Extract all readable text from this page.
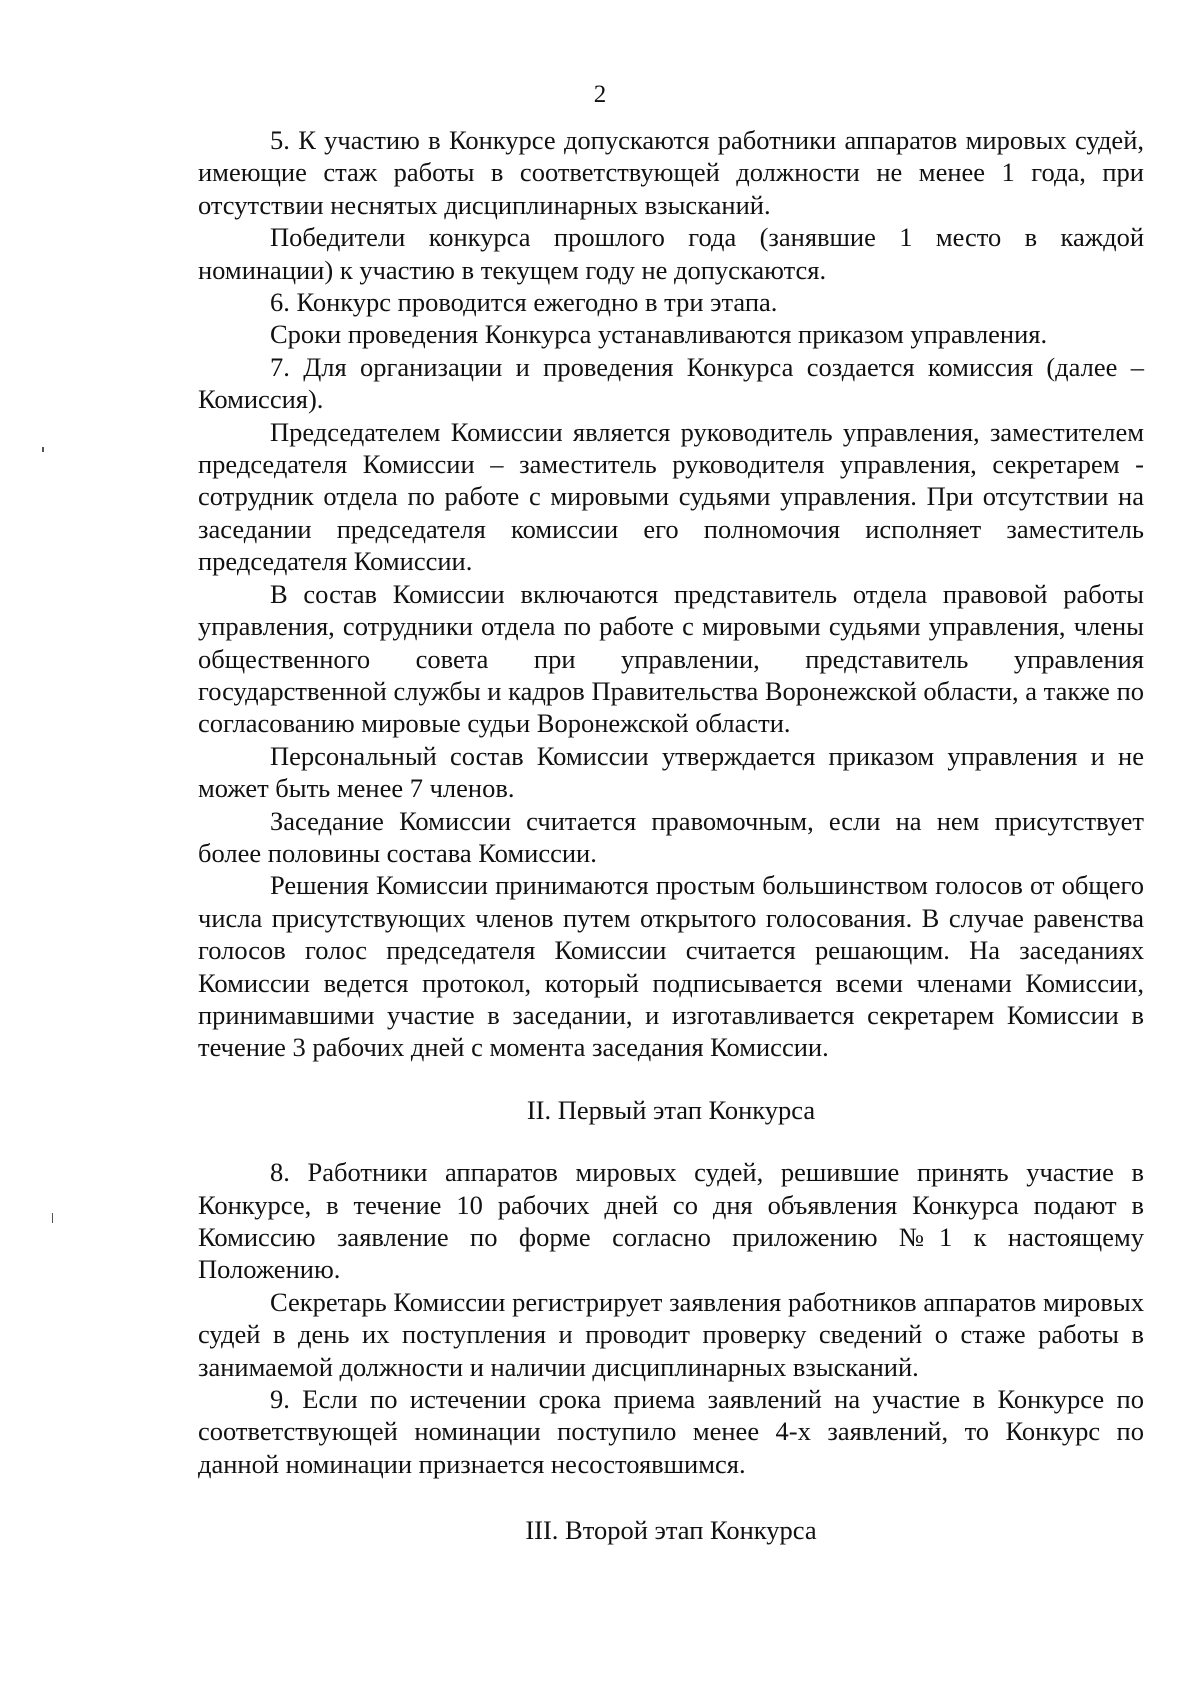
2

5. К участию в Конкурсе допускаются работники аппаратов мировых судей, имеющие стаж работы в соответствующей должности не менее 1 года, при отсутствии неснятых дисциплинарных взысканий.

Победители конкурса прошлого года (занявшие 1 место в каждой номинации) к участию в текущем году не допускаются.

6. Конкурс проводится ежегодно в три этапа.

Сроки проведения Конкурса устанавливаются приказом управления.

7. Для организации и проведения Конкурса создается комиссия (далее – Комиссия).

Председателем Комиссии является руководитель управления, заместителем председателя Комиссии – заместитель руководителя управления, секретарем - сотрудник отдела по работе с мировыми судьями управления. При отсутствии на заседании председателя комиссии его полномочия исполняет заместитель председателя Комиссии.

В состав Комиссии включаются представитель отдела правовой работы управления, сотрудники отдела по работе с мировыми судьями управления, члены общественного совета при управлении, представитель управления государственной службы и кадров Правительства Воронежской области, а также по согласованию мировые судьи Воронежской области.

Персональный состав Комиссии утверждается приказом управления и не может быть менее 7 членов.

Заседание Комиссии считается правомочным, если на нем присутствует более половины состава Комиссии.

Решения Комиссии принимаются простым большинством голосов от общего числа присутствующих членов путем открытого голосования. В случае равенства голосов голос председателя Комиссии считается решающим. На заседаниях Комиссии ведется протокол, который подписывается всеми членами Комиссии, принимавшими участие в заседании, и изготавливается секретарем Комиссии в течение 3 рабочих дней с момента заседания Комиссии.

II. Первый этап Конкурса

8. Работники аппаратов мировых судей, решившие принять участие в Конкурсе, в течение 10 рабочих дней со дня объявления Конкурса подают в Комиссию заявление по форме согласно приложению №1 к настоящему Положению.

Секретарь Комиссии регистрирует заявления работников аппаратов мировых судей в день их поступления и проводит проверку сведений о стаже работы в занимаемой должности и наличии дисциплинарных взысканий.

9. Если по истечении срока приема заявлений на участие в Конкурсе по соответствующей номинации поступило менее 4-х заявлений, то Конкурс по данной номинации признается несостоявшимся.

III. Второй этап Конкурса
